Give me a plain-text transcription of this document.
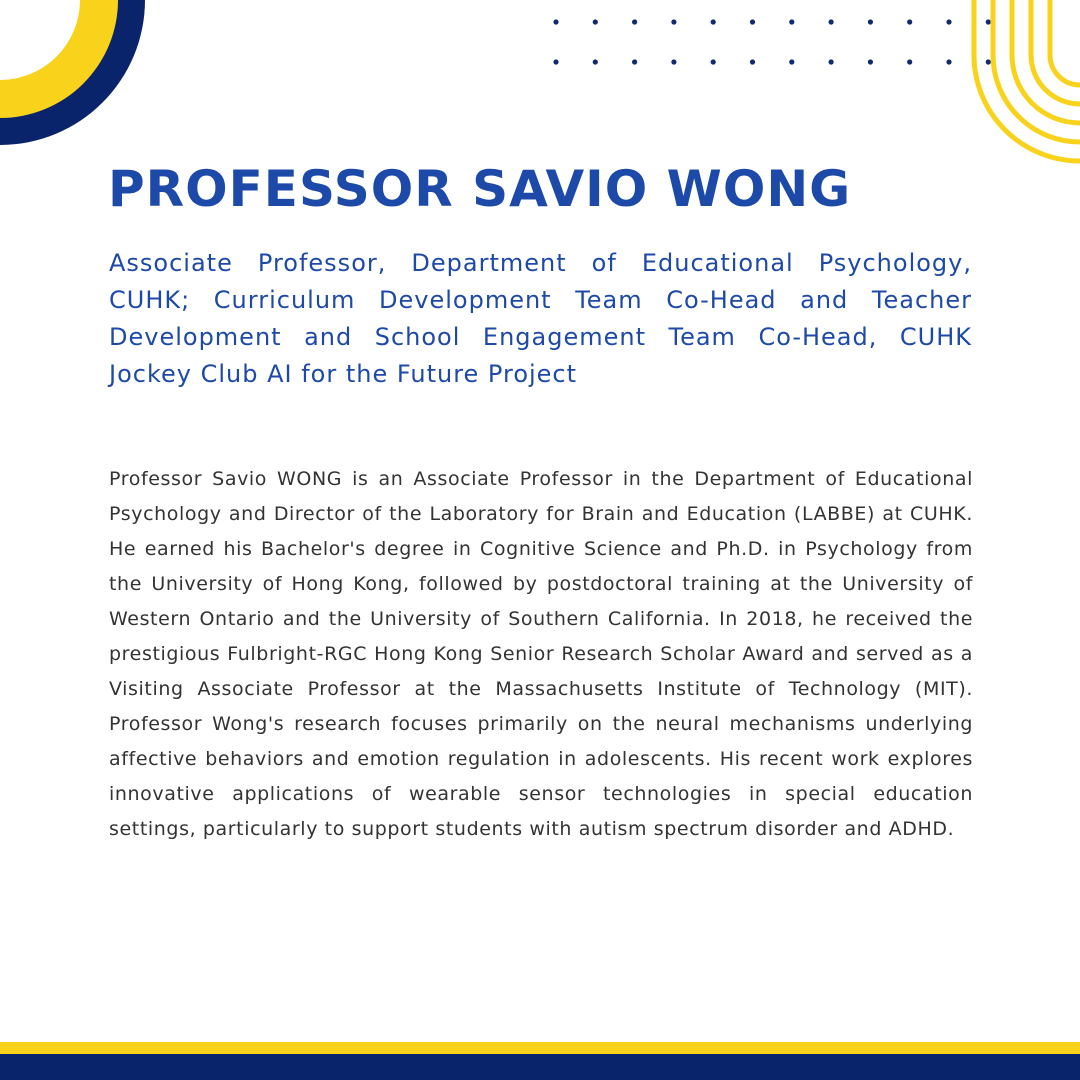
PROFESSOR SAVIO WONG

Associate Professor, Department of Educational Psychology, CUHK; Curriculum Development Team Co-Head and Teacher Development and School Engagement Team Co-Head, CUHK Jockey Club AI for the Future Project

Professor Savio WONG is an Associate Professor in the Department of Educational Psychology and Director of the Laboratory for Brain and Education (LABBE) at CUHK. He earned his Bachelor's degree in Cognitive Science and Ph.D. in Psychology from the University of Hong Kong, followed by postdoctoral training at the University of Western Ontario and the University of Southern California. In 2018, he received the prestigious Fulbright-RGC Hong Kong Senior Research Scholar Award and served as a Visiting Associate Professor at the Massachusetts Institute of Technology (MIT). Professor Wong's research focuses primarily on the neural mechanisms underlying affective behaviors and emotion regulation in adolescents. His recent work explores innovative applications of wearable sensor technologies in special education settings, particularly to support students with autism spectrum disorder and ADHD.
